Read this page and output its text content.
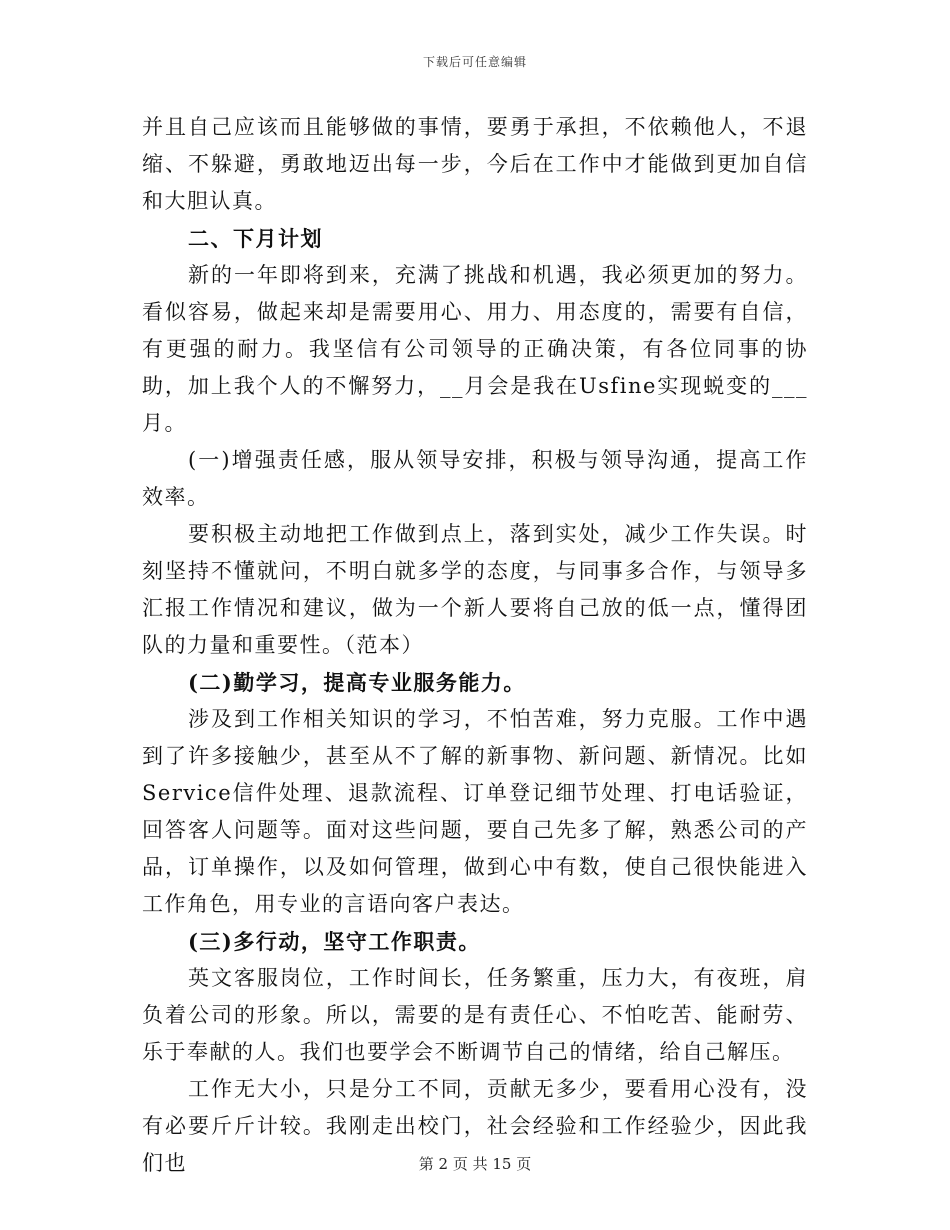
下载后可任意编辑

并且自己应该而且能够做的事情，要勇于承担，不依赖他人，不退缩、不躲避，勇敢地迈出每一步，今后在工作中才能做到更加自信和大胆认真。

二、下月计划

新的一年即将到来，充满了挑战和机遇，我必须更加的努力。看似容易，做起来却是需要用心、用力、用态度的，需要有自信，有更强的耐力。我坚信有公司领导的正确决策，有各位同事的协助，加上我个人的不懈努力，__月会是我在Usfine实现蜕变的___月。

(一)增强责任感，服从领导安排，积极与领导沟通，提高工作效率。

要积极主动地把工作做到点上，落到实处，减少工作失误。时刻坚持不懂就问，不明白就多学的态度，与同事多合作，与领导多汇报工作情况和建议，做为一个新人要将自己放的低一点，懂得团队的力量和重要性。（范本）

(二)勤学习，提高专业服务能力。

涉及到工作相关知识的学习，不怕苦难，努力克服。工作中遇到了许多接触少，甚至从不了解的新事物、新问题、新情况。比如Service信件处理、退款流程、订单登记细节处理、打电话验证，回答客人问题等。面对这些问题，要自己先多了解，熟悉公司的产品，订单操作，以及如何管理，做到心中有数，使自己很快能进入工作角色，用专业的言语向客户表达。

(三)多行动，坚守工作职责。

英文客服岗位，工作时间长，任务繁重，压力大，有夜班，肩负着公司的形象。所以，需要的是有责任心、不怕吃苦、能耐劳、乐于奉献的人。我们也要学会不断调节自己的情绪，给自己解压。

工作无大小，只是分工不同，贡献无多少，要看用心没有，没有必要斤斤计较。我刚走出校门，社会经验和工作经验少，因此我们也	第 2 页 共 15 页
